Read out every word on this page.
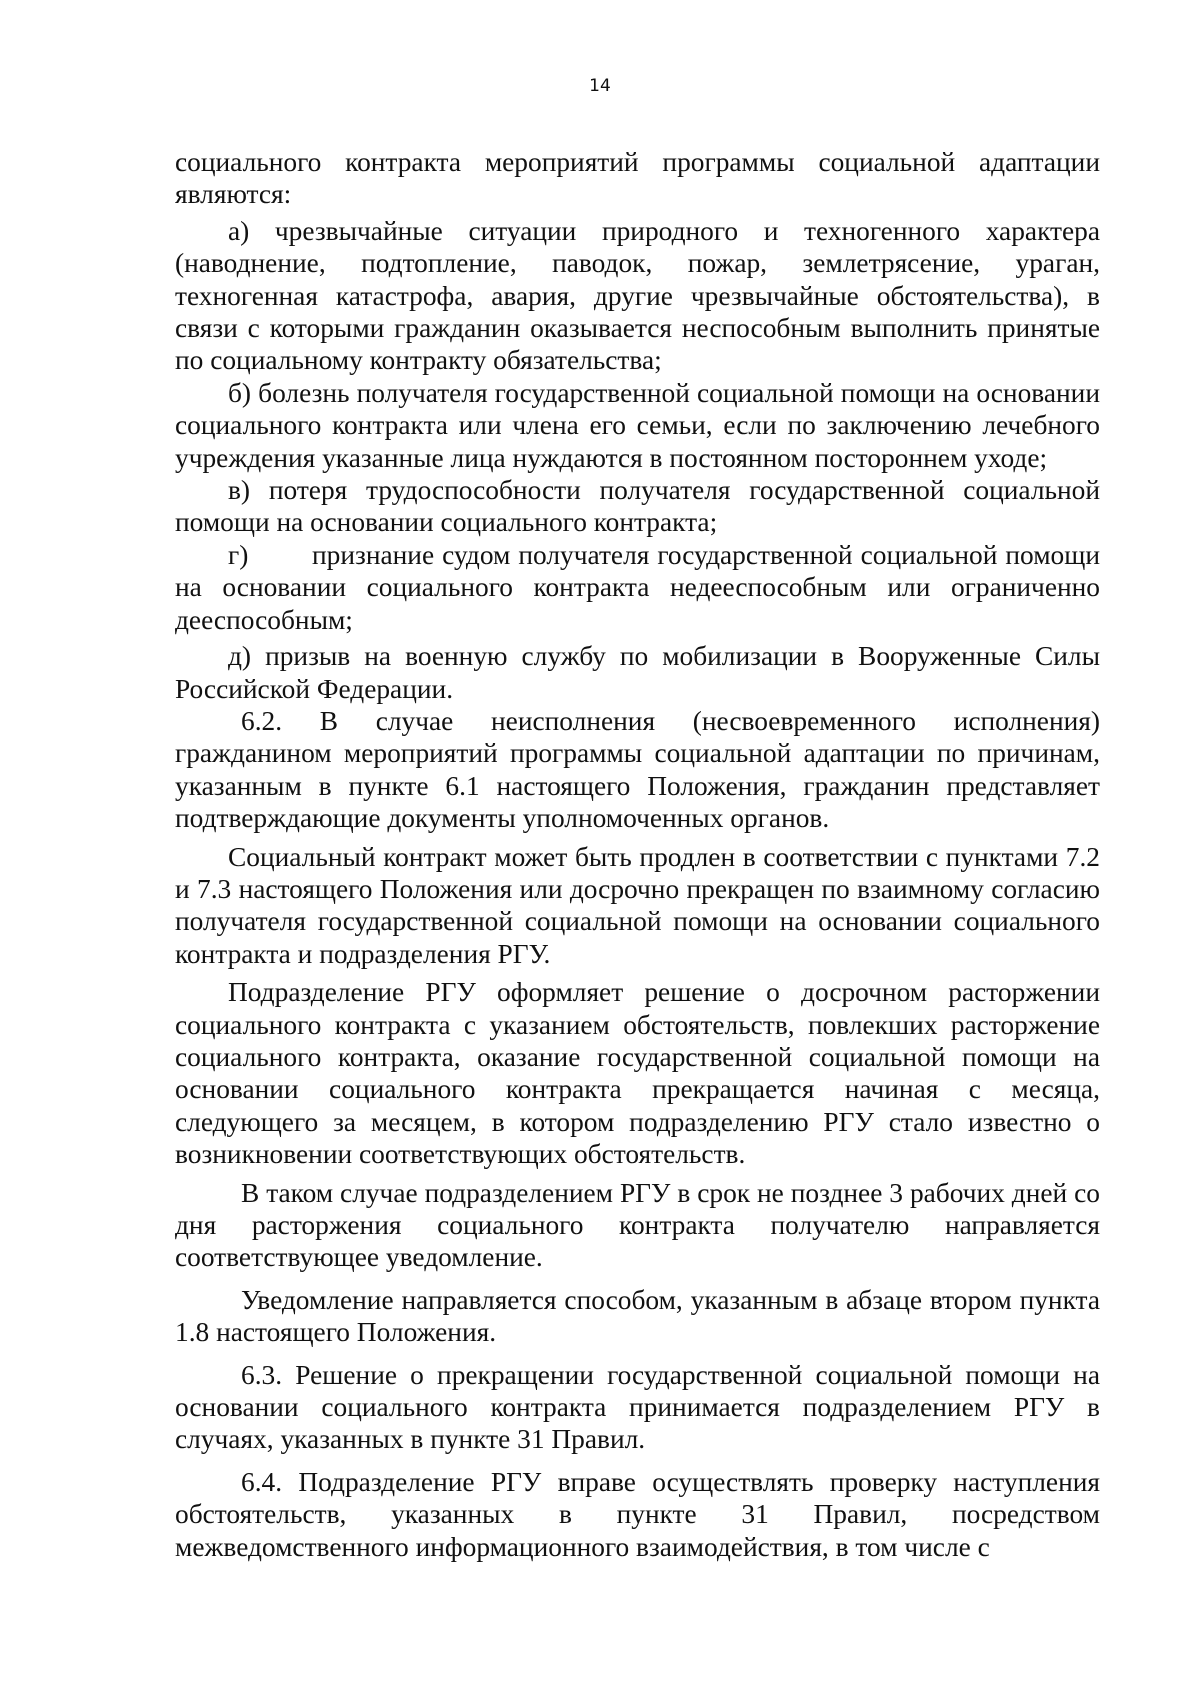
14

социального контракта мероприятий программы социальной адаптации являются:

а) чрезвычайные ситуации природного и техногенного характера (наводнение, подтопление, паводок, пожар, землетрясение, ураган, техногенная катастрофа, авария, другие чрезвычайные обстоятельства), в связи с которыми гражданин оказывается неспособным выполнить принятые по социальному контракту обязательства;

б) болезнь получателя государственной социальной помощи на основании социального контракта или члена его семьи, если по заключению лечебного учреждения указанные лица нуждаются в постоянном постороннем уходе;

в) потеря трудоспособности получателя государственной социальной помощи на основании социального контракта;

г) признание судом получателя государственной социальной помощи на основании социального контракта недееспособным или ограниченно дееспособным;

д) призыв на военную службу по мобилизации в Вооруженные Силы Российской Федерации.

6.2. В случае неисполнения (несвоевременного исполнения) гражданином мероприятий программы социальной адаптации по причинам, указанным в пункте 6.1 настоящего Положения, гражданин представляет подтверждающие документы уполномоченных органов.

Социальный контракт может быть продлен в соответствии с пунктами 7.2 и 7.3 настоящего Положения или досрочно прекращен по взаимному согласию получателя государственной социальной помощи на основании социального контракта и подразделения РГУ.

Подразделение РГУ оформляет решение о досрочном расторжении социального контракта с указанием обстоятельств, повлекших расторжение социального контракта, оказание государственной социальной помощи на основании социального контракта прекращается начиная с месяца, следующего за месяцем, в котором подразделению РГУ стало известно о возникновении соответствующих обстоятельств.

В таком случае подразделением РГУ в срок не позднее 3 рабочих дней со дня расторжения социального контракта получателю направляется соответствующее уведомление.

Уведомление направляется способом, указанным в абзаце втором пункта 1.8 настоящего Положения.

6.3. Решение о прекращении государственной социальной помощи на основании социального контракта принимается подразделением РГУ в случаях, указанных в пункте 31 Правил.

6.4. Подразделение РГУ вправе осуществлять проверку наступления обстоятельств, указанных в пункте 31 Правил, посредством межведомственного информационного взаимодействия, в том числе с
